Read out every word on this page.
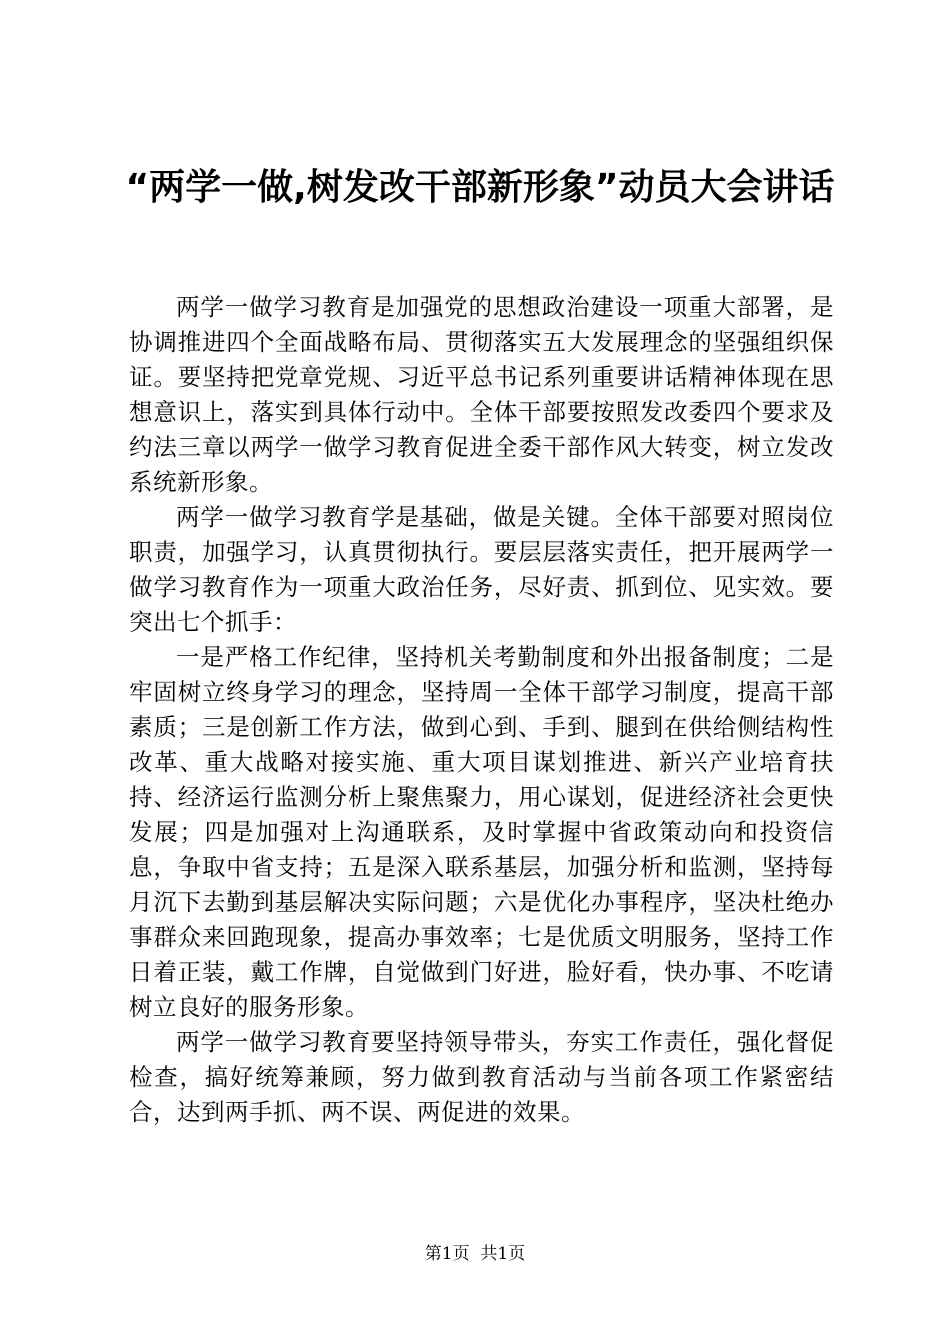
“两学一做,树发改干部新形象”动员大会讲话

两学一做学习教育是加强党的思想政治建设一项重大部署，是协调推进四个全面战略布局、贯彻落实五大发展理念的坚强组织保证。要坚持把党章党规、习近平总书记系列重要讲话精神体现在思想意识上，落实到具体行动中。全体干部要按照发改委四个要求及约法三章以两学一做学习教育促进全委干部作风大转变，树立发改系统新形象。

两学一做学习教育学是基础，做是关键。全体干部要对照岗位职责，加强学习，认真贯彻执行。要层层落实责任，把开展两学一做学习教育作为一项重大政治任务，尽好责、抓到位、见实效。要突出七个抓手：

一是严格工作纪律，坚持机关考勤制度和外出报备制度；二是牢固树立终身学习的理念，坚持周一全体干部学习制度，提高干部素质；三是创新工作方法，做到心到、手到、腿到在供给侧结构性改革、重大战略对接实施、重大项目谋划推进、新兴产业培育扶持、经济运行监测分析上聚焦聚力，用心谋划，促进经济社会更快发展；四是加强对上沟通联系，及时掌握中省政策动向和投资信息，争取中省支持；五是深入联系基层，加强分析和监测，坚持每月沉下去勤到基层解决实际问题；六是优化办事程序，坚决杜绝办事群众来回跑现象，提高办事效率；七是优质文明服务，坚持工作日着正装，戴工作牌，自觉做到门好进，脸好看，快办事、不吃请树立良好的服务形象。

两学一做学习教育要坚持领导带头，夯实工作责任，强化督促检查，搞好统筹兼顾，努力做到教育活动与当前各项工作紧密结合，达到两手抓、两不误、两促进的效果。

第1页  共1页
